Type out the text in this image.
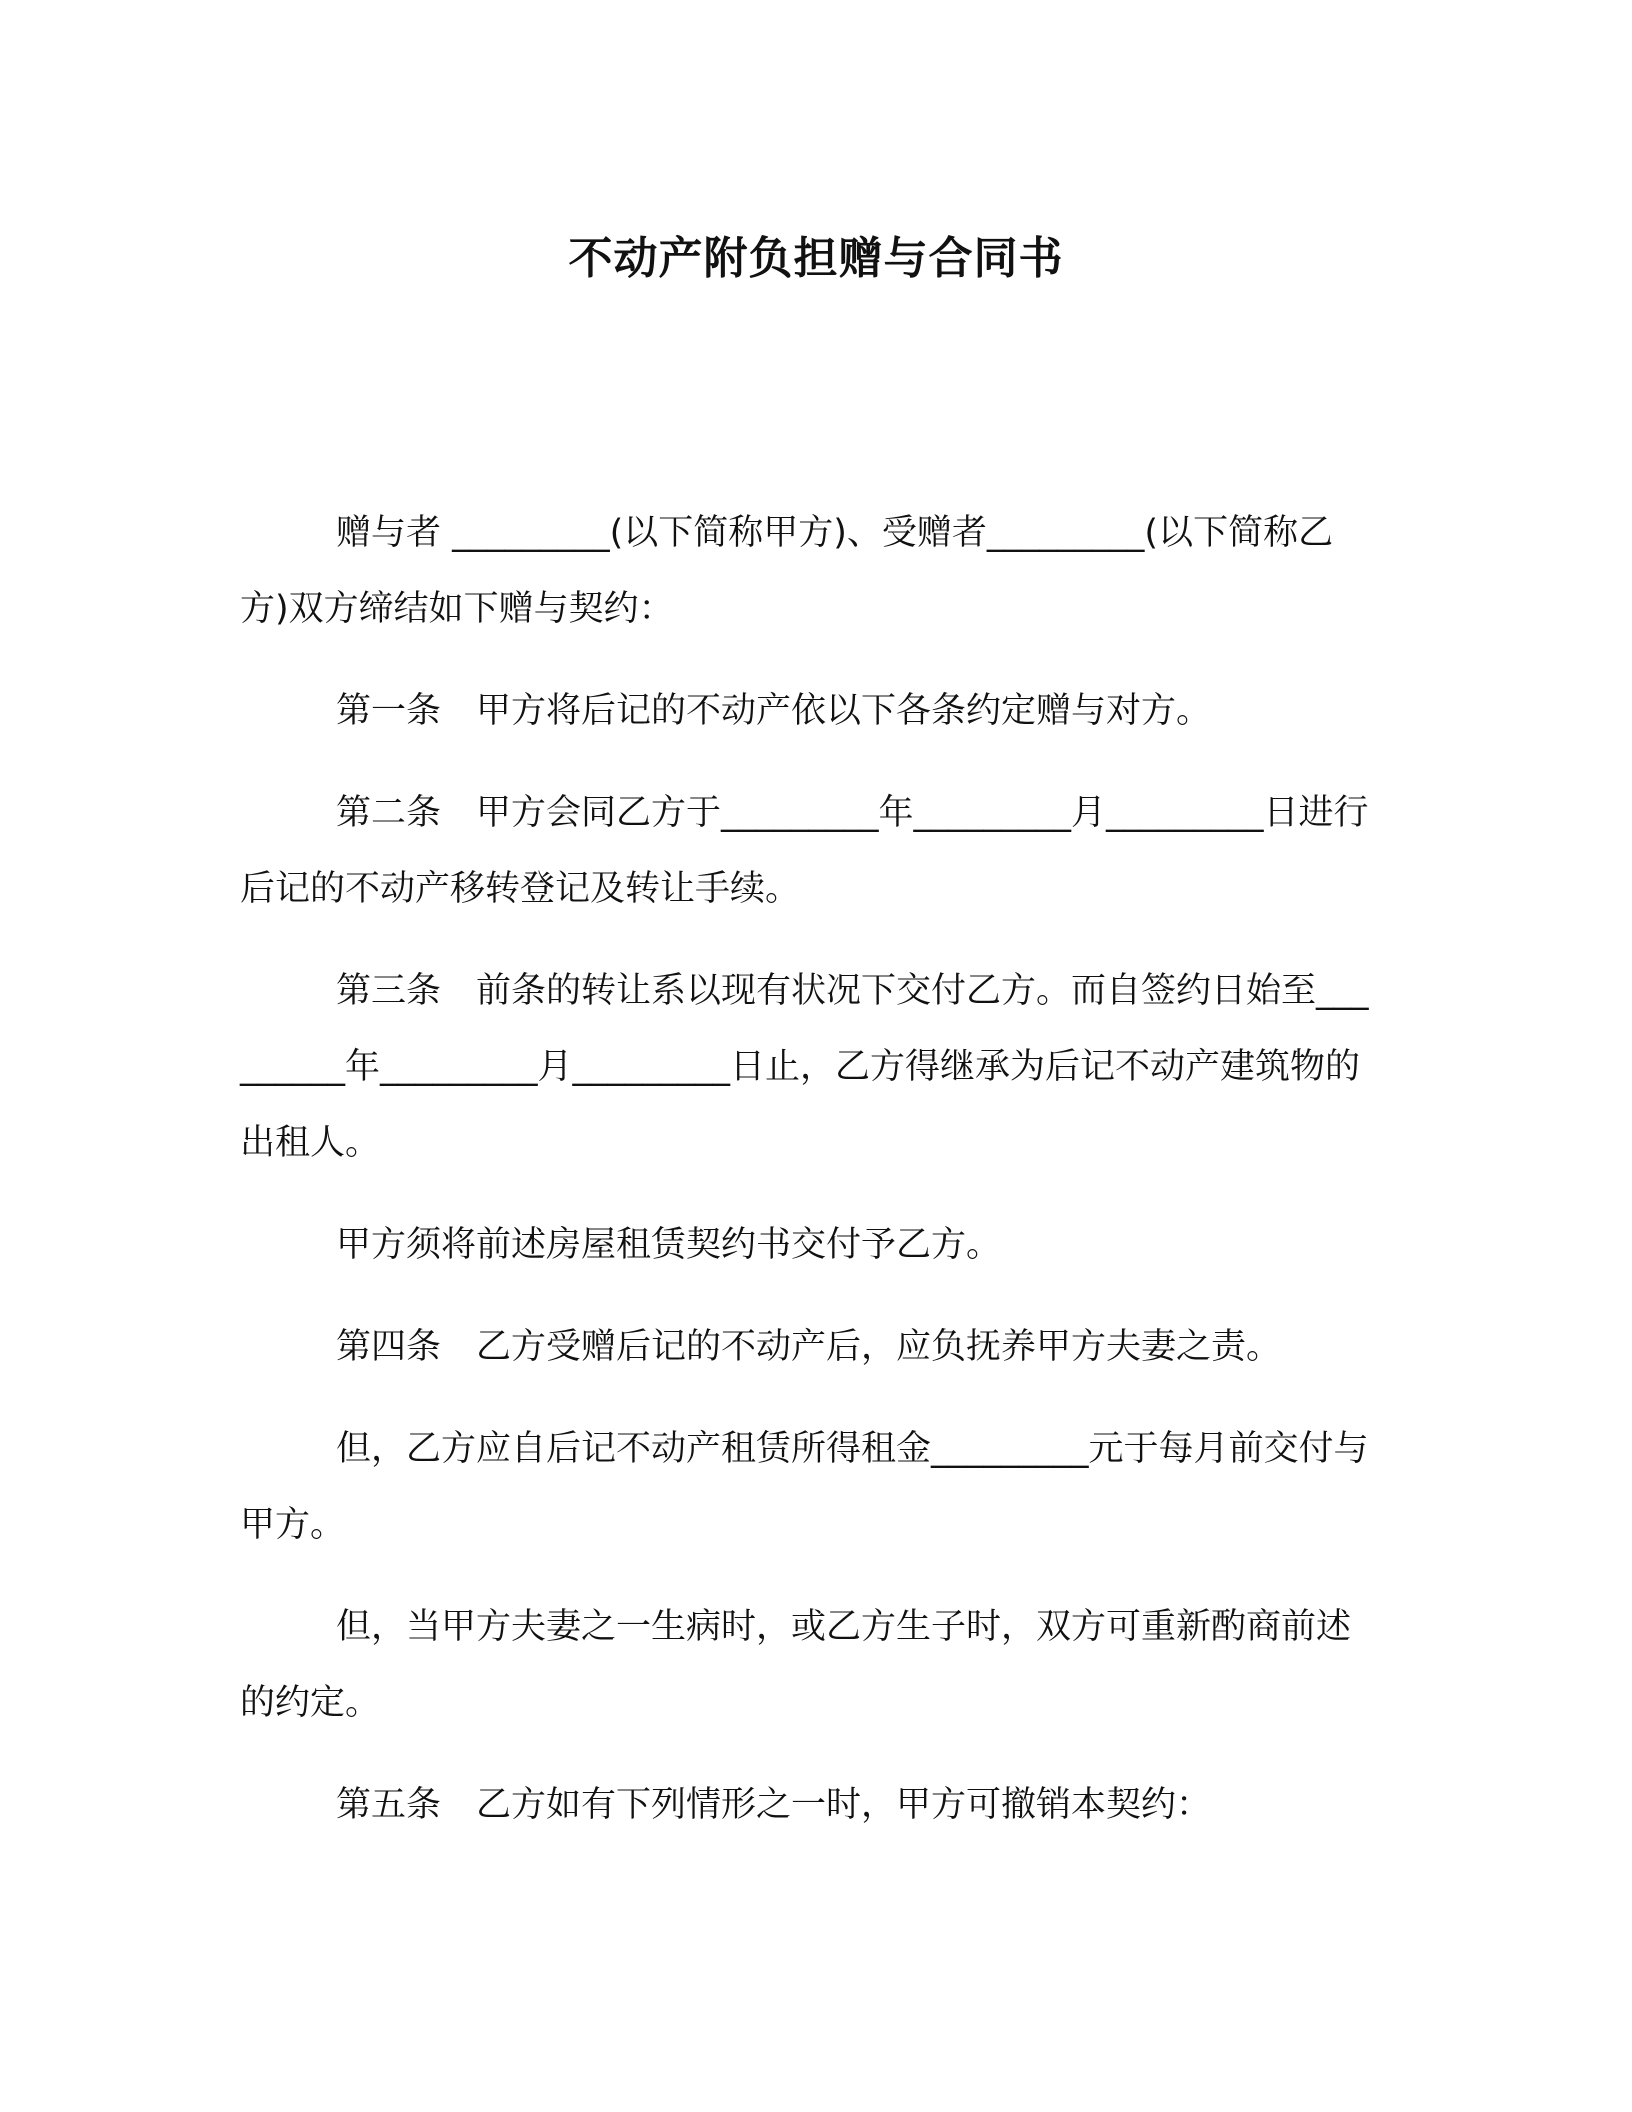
不动产附负担赠与合同书

赠与者 _________(以下简称甲方)、受赠者_________(以下简称乙方)双方缔结如下赠与契约：

第一条　甲方将后记的不动产依以下各条约定赠与对方。

第二条　甲方会同乙方于_________年_________月_________日进行后记的不动产移转登记及转让手续。

第三条　前条的转让系以现有状况下交付乙方。而自签约日始至_________年_________月_________日止，乙方得继承为后记不动产建筑物的出租人。

甲方须将前述房屋租赁契约书交付予乙方。

第四条　乙方受赠后记的不动产后，应负抚养甲方夫妻之责。

但，乙方应自后记不动产租赁所得租金_________元于每月前交付与甲方。

但，当甲方夫妻之一生病时，或乙方生子时，双方可重新酌商前述的约定。

第五条　乙方如有下列情形之一时，甲方可撤销本契约：
